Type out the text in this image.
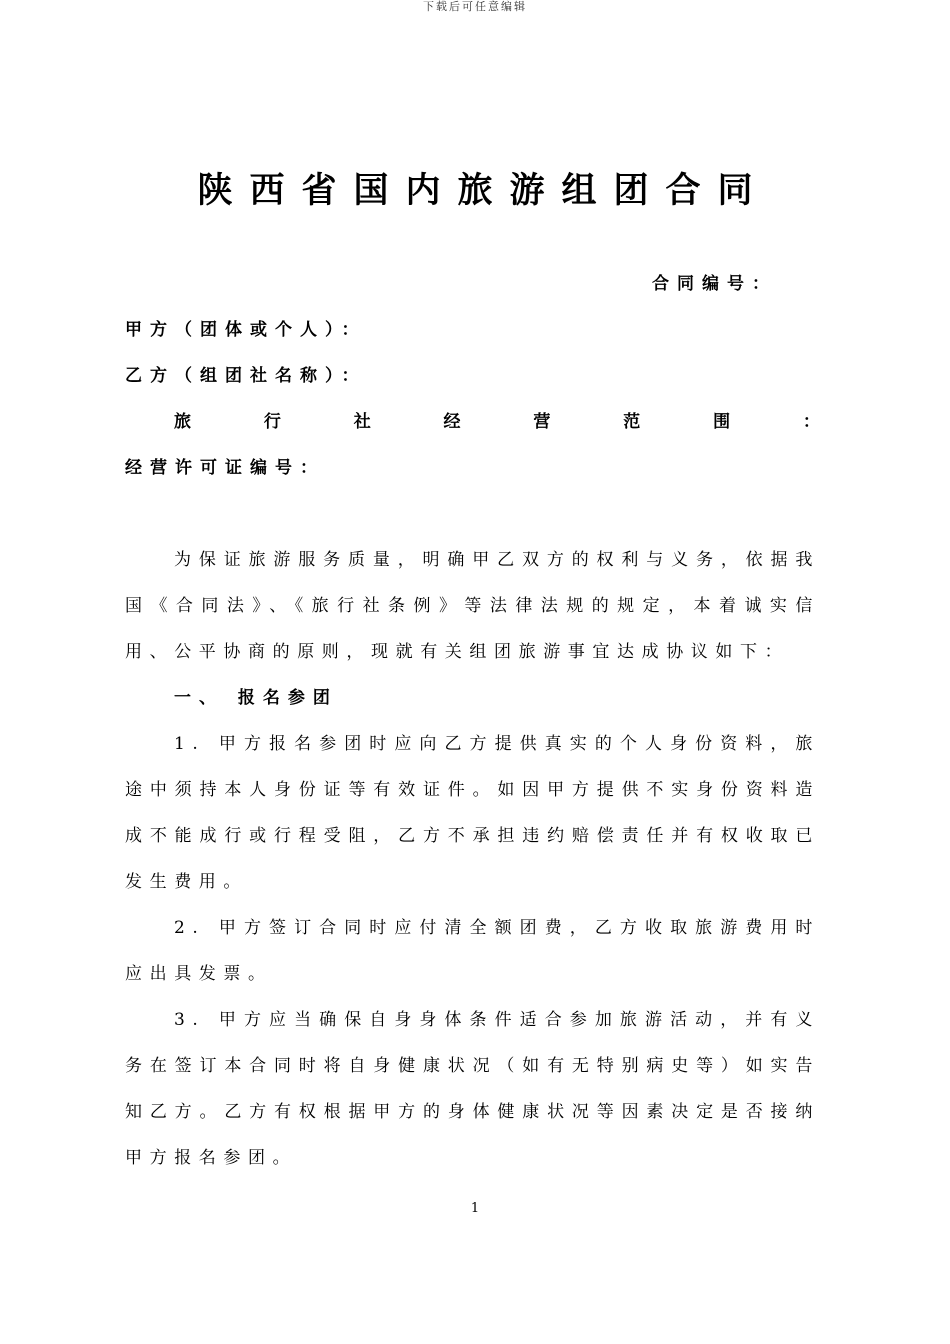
下载后可任意编辑
陕西省国内旅游组团合同
合同编号：
甲方（团体或个人）：
乙方（组团社名称）：
旅	行	社	经	营	范	围	：
经营许可证编号：

为保证旅游服务质量，明确甲乙双方的权利与义务，依据我国《合同法》、《旅行社条例》等法律法规的规定，本着诚实信用、公平协商的原则，现就有关组团旅游事宜达成协议如下：

一、 报名参团

1. 甲方报名参团时应向乙方提供真实的个人身份资料，旅途中须持本人身份证等有效证件。如因甲方提供不实身份资料造成不能成行或行程受阻，乙方不承担违约赔偿责任并有权收取已发生费用。

2. 甲方签订合同时应付清全额团费，乙方收取旅游费用时应出具发票。

3. 甲方应当确保自身身体条件适合参加旅游活动，并有义务在签订本合同时将自身健康状况（如有无特别病史等）如实告知乙方。乙方有权根据甲方的身体健康状况等因素决定是否接纳甲方报名参团。

1
